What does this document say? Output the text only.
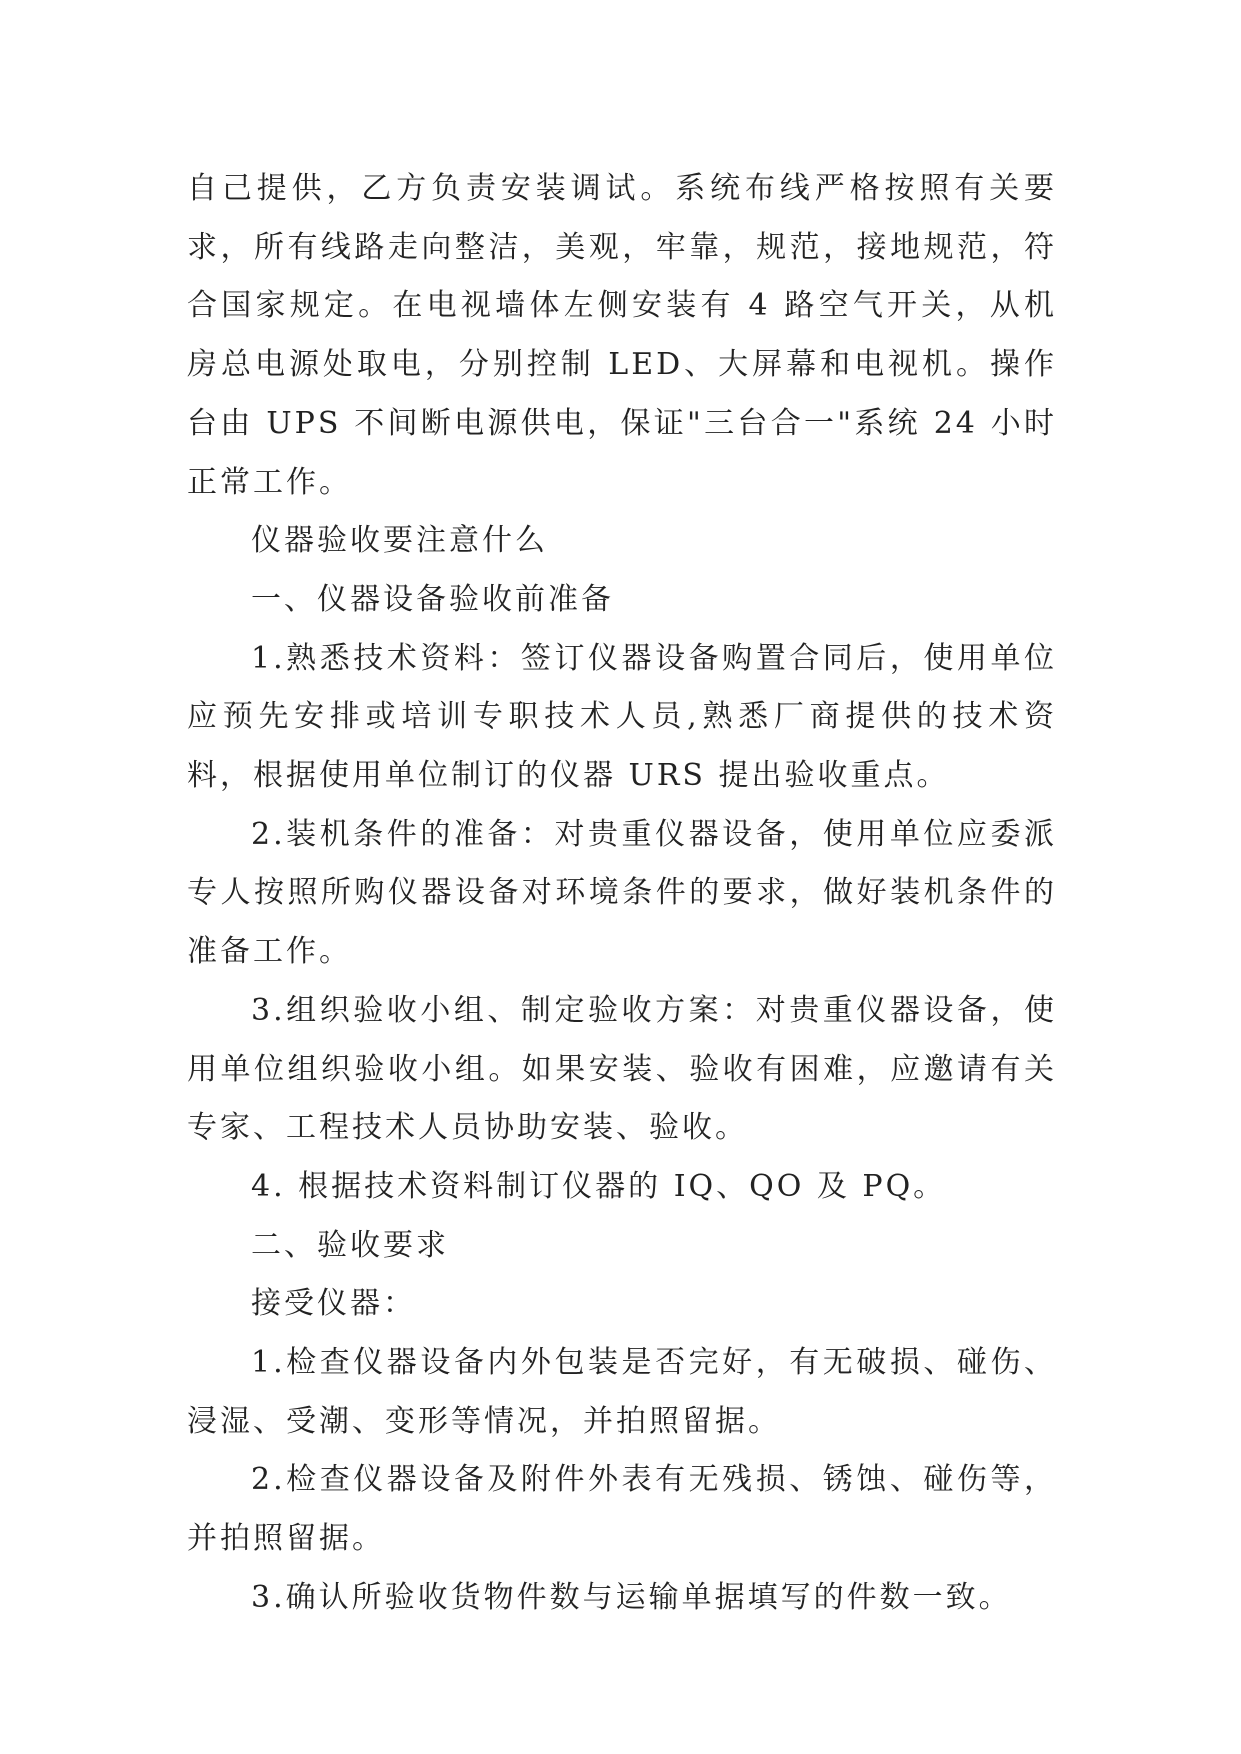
自己提供，乙方负责安装调试。系统布线严格按照有关要求，所有线路走向整洁，美观，牢靠，规范，接地规范，符合国家规定。在电视墙体左侧安装有 4 路空气开关，从机房总电源处取电，分别控制 LED、大屏幕和电视机。操作台由 UPS 不间断电源供电，保证"三台合一"系统 24 小时正常工作。

仪器验收要注意什么

一、仪器设备验收前准备

1.熟悉技术资料：签订仪器设备购置合同后，使用单位应预先安排或培训专职技术人员,熟悉厂商提供的技术资料，根据使用单位制订的仪器 URS 提出验收重点。

2.装机条件的准备：对贵重仪器设备，使用单位应委派专人按照所购仪器设备对环境条件的要求，做好装机条件的准备工作。

3.组织验收小组、制定验收方案：对贵重仪器设备，使用单位组织验收小组。如果安装、验收有困难，应邀请有关专家、工程技术人员协助安装、验收。

4. 根据技术资料制订仪器的 IQ、QO 及 PQ。

二、验收要求

接受仪器：

1.检查仪器设备内外包装是否完好，有无破损、碰伤、浸湿、受潮、变形等情况，并拍照留据。

2.检查仪器设备及附件外表有无残损、锈蚀、碰伤等，并拍照留据。

3.确认所验收货物件数与运输单据填写的件数一致。
